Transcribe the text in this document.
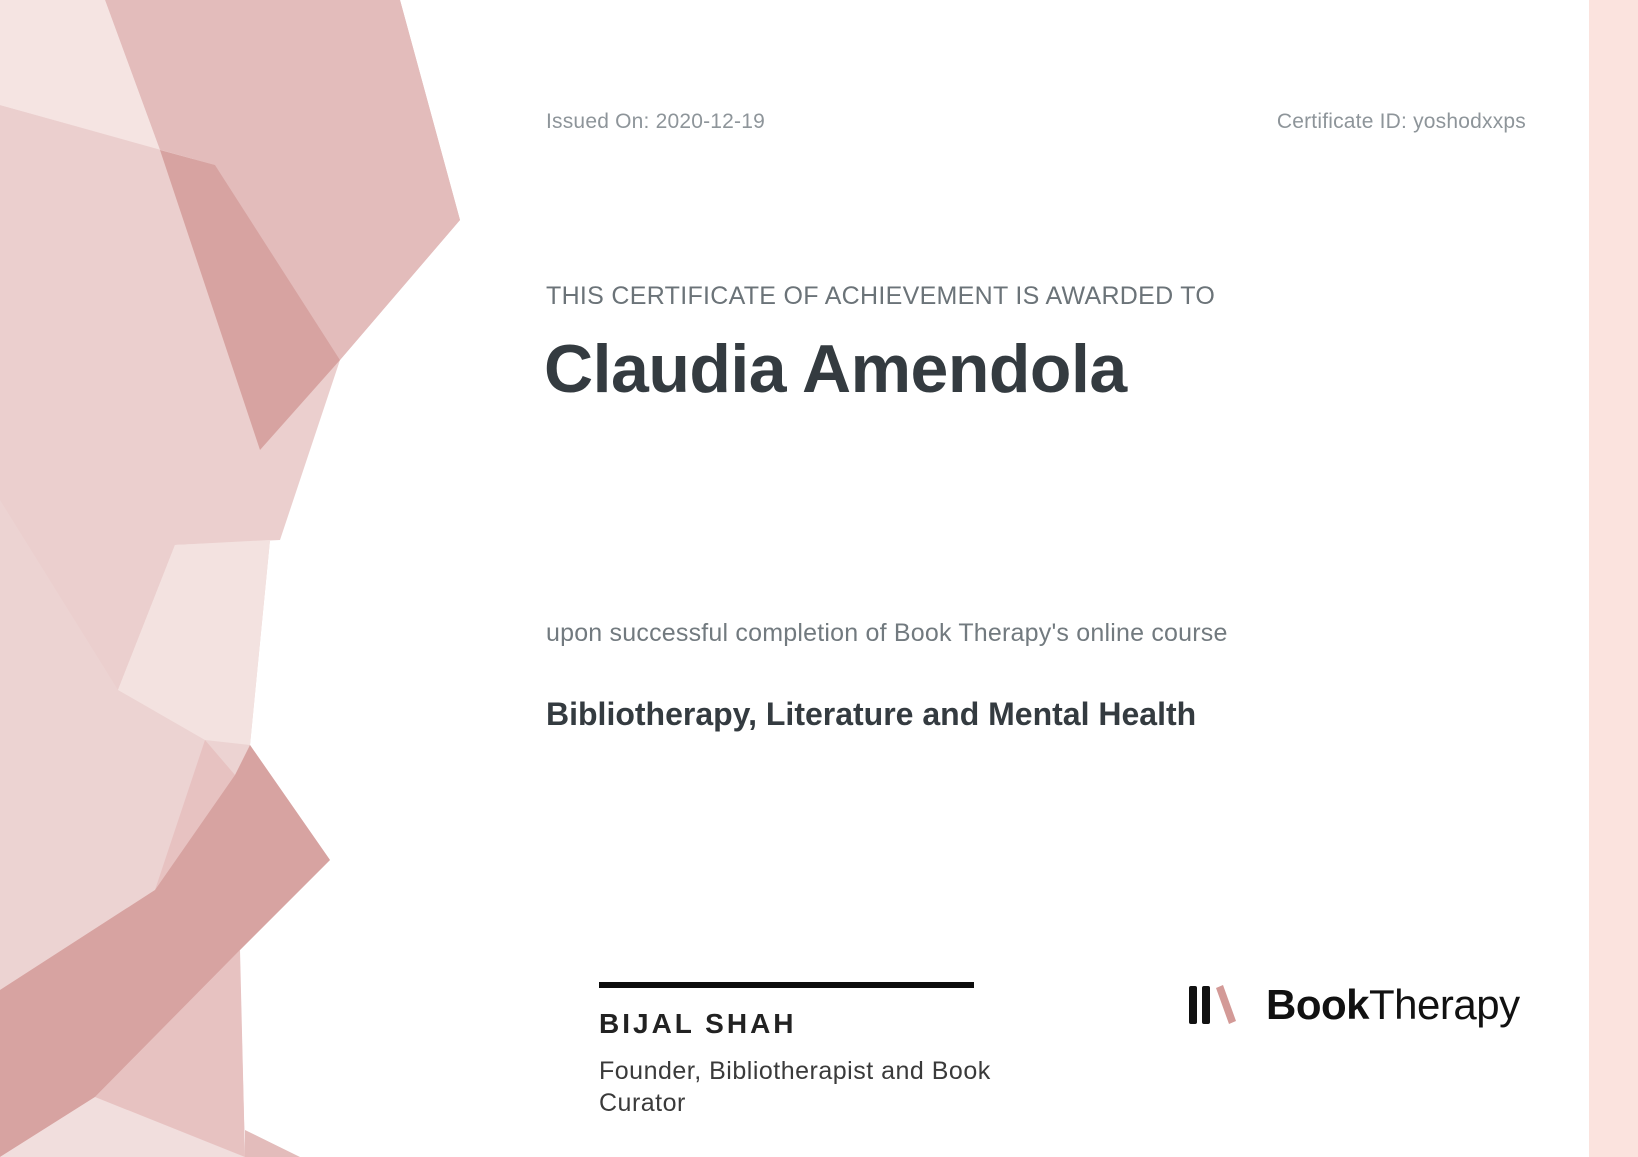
Issued On: 2020-12-19	Certificate ID: yoshodxxps
THIS CERTIFICATE OF ACHIEVEMENT IS AWARDED TO
Claudia Amendola
upon successful completion of Book Therapy's online course
Bibliotherapy, Literature and Mental Health
BIJAL SHAH
Founder, Bibliotherapist and Book Curator
BookTherapy
